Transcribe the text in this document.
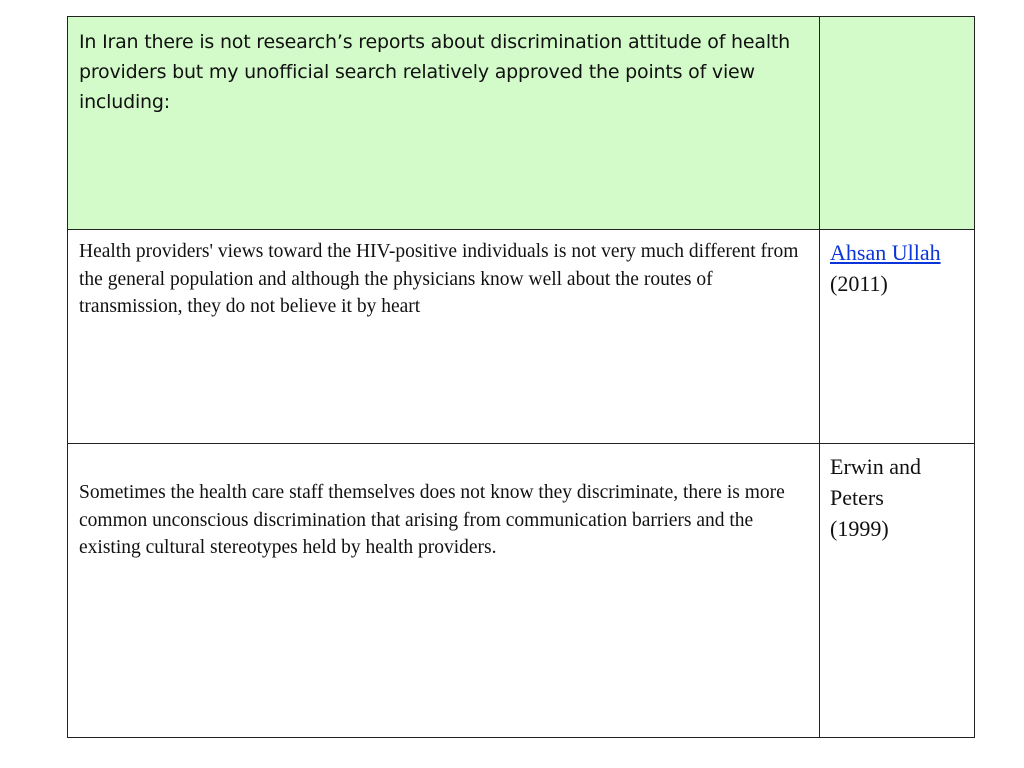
In Iran there is not research’s reports about discrimination attitude of health providers but my unofficial search relatively approved the points of view including:	

Health providers' views toward the HIV-positive individuals is not very much different from the general population and although the physicians know well about the routes of transmission, they do not believe it by heart	Ahsan Ullah
(2011)

Sometimes the health care staff themselves does not know they discriminate, there is more common unconscious discrimination that arising from communication barriers and the existing cultural stereotypes held by health providers.	Erwin and Peters
(1999)
